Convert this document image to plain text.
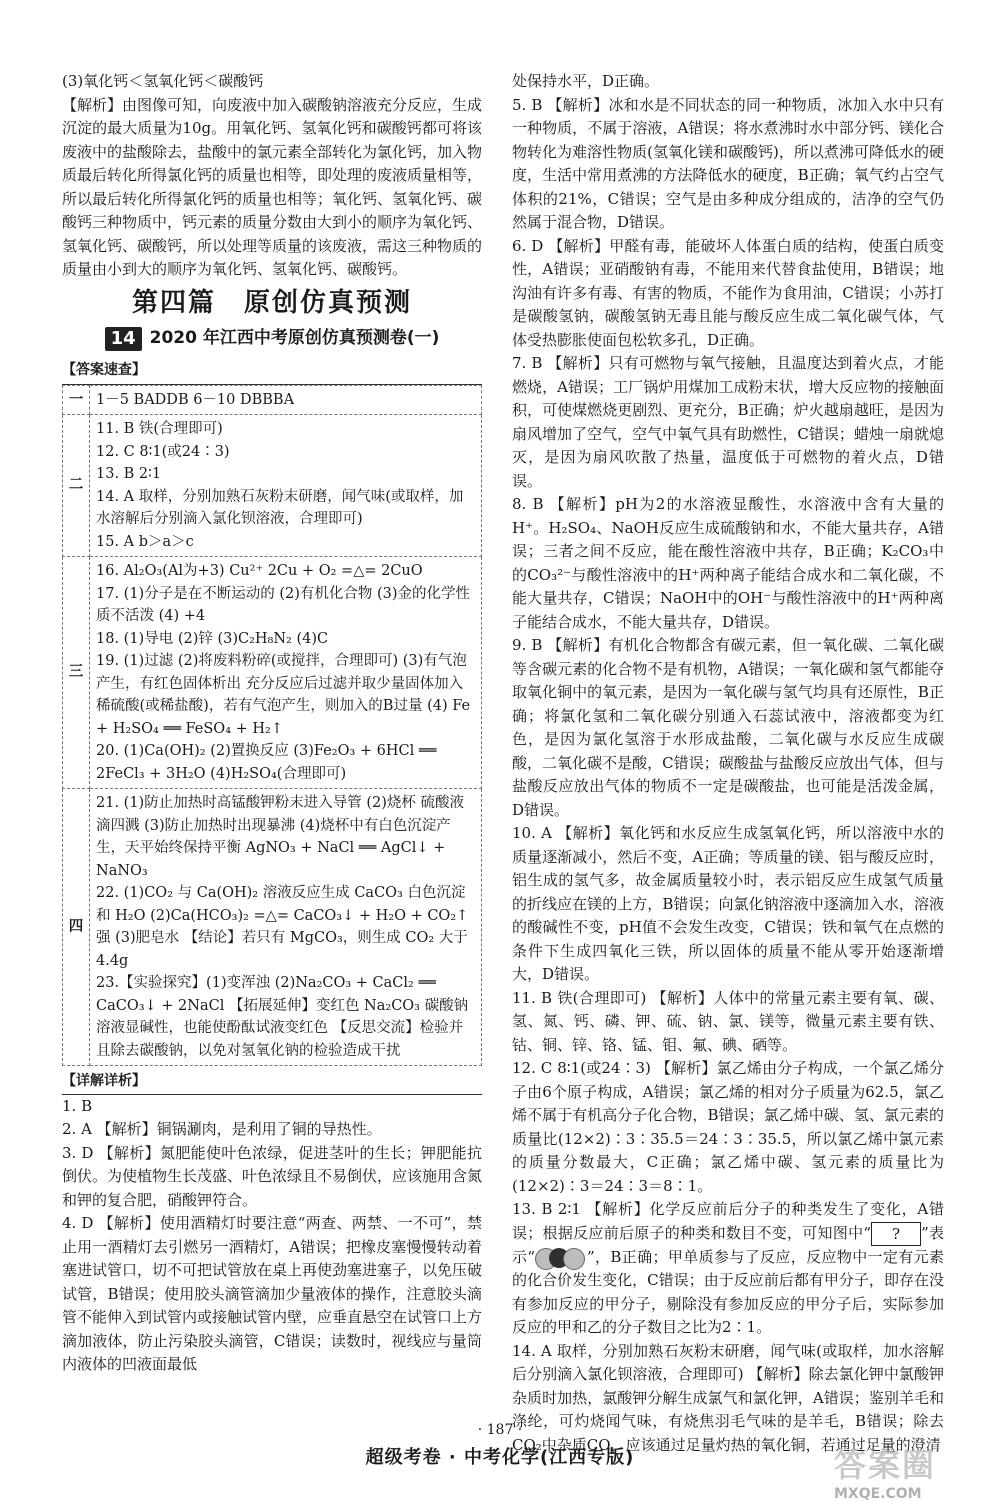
(3)氧化钙＜氢氧化钙＜碳酸钙

【解析】由图像可知，向废液中加入碳酸钠溶液充分反应，生成沉淀的最大质量为10g。用氧化钙、氢氧化钙和碳酸钙都可将该废液中的盐酸除去，盐酸中的氯元素全部转化为氯化钙，加入物质最后转化所得氯化钙的质量也相等，即处理的废液质量相等，所以最后转化所得氯化钙的质量也相等；氧化钙、氢氧化钙、碳酸钙三种物质中，钙元素的质量分数由大到小的顺序为氧化钙、氢氧化钙、碳酸钙，所以处理等质量的该废液，需这三种物质的质量由小到大的顺序为氧化钙、氢氧化钙、碳酸钙。

第四篇 原创仿真预测
14 2020 年江西中考原创仿真预测卷(一)
【答案速查】
一	1－5 BADDB 6－10 DBBBA

二	11. B 铁(合理即可)
12. C 8∶1(或24∶3)
13. B 2∶1
14. A 取样，分别加熟石灰粉末研磨，闻气味(或取样，加水溶解后分别滴入氯化钡溶液，合理即可)
15. A b＞a＞c

三	16. Al₂O₃(Al为+3) Cu²⁺ 2Cu + O₂ =△= 2CuO
17. (1)分子是在不断运动的 (2)有机化合物 (3)金的化学性质不活泼 (4) +4
18. (1)导电 (2)锌 (3)C₂H₈N₂ (4)C
19. (1)过滤 (2)将废料粉碎(或搅拌，合理即可) (3)有气泡产生，有红色固体析出 充分反应后过滤并取少量固体加入稀硫酸(或稀盐酸)，若有气泡产生，则加入的B过量 (4) Fe + H₂SO₄ ══ FeSO₄ + H₂↑
20. (1)Ca(OH)₂ (2)置换反应 (3)Fe₂O₃ + 6HCl ══ 2FeCl₃ + 3H₂O (4)H₂SO₄(合理即可)

四	21. (1)防止加热时高锰酸钾粉末进入导管 (2)烧杯 硫酸液滴四溅 (3)防止加热时出现暴沸 (4)烧杯中有白色沉淀产生，天平始终保持平衡 AgNO₃ + NaCl ══ AgCl↓ + NaNO₃
22. (1)CO₂ 与 Ca(OH)₂ 溶液反应生成 CaCO₃ 白色沉淀和 H₂O (2)Ca(HCO₃)₂ =△= CaCO₃↓ + H₂O + CO₂↑ 强 (3)肥皂水 【结论】若只有 MgCO₃，则生成 CO₂ 大于 4.4g
23.【实验探究】(1)变浑浊 (2)Na₂CO₃ + CaCl₂ ══ CaCO₃↓ + 2NaCl 【拓展延伸】变红色 Na₂CO₃ 碳酸钠溶液显碱性，也能使酚酞试液变红色 【反思交流】检验并且除去碳酸钠，以免对氢氧化钠的检验造成干扰
【详解详析】

1. B

2. A 【解析】铜锅涮肉，是利用了铜的导热性。

3. D 【解析】氮肥能使叶色浓绿，促进茎叶的生长；钾肥能抗倒伏。为使植物生长茂盛、叶色浓绿且不易倒伏，应该施用含氮和钾的复合肥，硝酸钾符合。

4. D 【解析】使用酒精灯时要注意“两查、两禁、一不可”，禁止用一酒精灯去引燃另一酒精灯，A错误；把橡皮塞慢慢转动着塞进试管口，切不可把试管放在桌上再使劲塞进塞子，以免压破试管，B错误；使用胶头滴管滴加少量液体的操作，注意胶头滴管不能伸入到试管内或接触试管内壁，应垂直悬空在试管口上方滴加液体，防止污染胶头滴管，C错误；读数时，视线应与量筒内液体的凹液面最低

处保持水平，D正确。

5. B 【解析】冰和水是不同状态的同一种物质，冰加入水中只有一种物质，不属于溶液，A错误；将水煮沸时水中部分钙、镁化合物转化为难溶性物质(氢氧化镁和碳酸钙)，所以煮沸可降低水的硬度，生活中常用煮沸的方法降低水的硬度，B正确；氧气约占空气体积的21%，C错误；空气是由多种成分组成的，洁净的空气仍然属于混合物，D错误。

6. D 【解析】甲醛有毒，能破坏人体蛋白质的结构，使蛋白质变性，A错误；亚硝酸钠有毒，不能用来代替食盐使用，B错误；地沟油有许多有毒、有害的物质，不能作为食用油，C错误；小苏打是碳酸氢钠，碳酸氢钠无毒且能与酸反应生成二氧化碳气体，气体受热膨胀使面包松软多孔，D正确。

7. B 【解析】只有可燃物与氧气接触，且温度达到着火点，才能燃烧，A错误；工厂锅炉用煤加工成粉末状，增大反应物的接触面积，可使煤燃烧更剧烈、更充分，B正确；炉火越扇越旺，是因为扇风增加了空气，空气中氧气具有助燃性，C错误；蜡烛一扇就熄灭，是因为扇风吹散了热量，温度低于可燃物的着火点，D错误。

8. B 【解析】pH为2的水溶液显酸性，水溶液中含有大量的H⁺。H₂SO₄、NaOH反应生成硫酸钠和水，不能大量共存，A错误；三者之间不反应，能在酸性溶液中共存，B正确；K₂CO₃中的CO₃²⁻与酸性溶液中的H⁺两种离子能结合成水和二氧化碳，不能大量共存，C错误；NaOH中的OH⁻与酸性溶液中的H⁺两种离子能结合成水，不能大量共存，D错误。

9. B 【解析】有机化合物都含有碳元素，但一氧化碳、二氧化碳等含碳元素的化合物不是有机物，A错误；一氧化碳和氢气都能夺取氧化铜中的氧元素，是因为一氧化碳与氢气均具有还原性，B正确；将氯化氢和二氧化碳分别通入石蕊试液中，溶液都变为红色，是因为氯化氢溶于水形成盐酸，二氧化碳与水反应生成碳酸，二氧化碳不是酸，C错误；碳酸盐与盐酸反应放出气体，但与盐酸反应放出气体的物质不一定是碳酸盐，也可能是活泼金属，D错误。

10. A 【解析】氧化钙和水反应生成氢氧化钙，所以溶液中水的质量逐渐减小，然后不变，A正确；等质量的镁、铝与酸反应时，铝生成的氢气多，故金属质量较小时，表示铝反应生成氢气质量的折线应在镁的上方，B错误；向氯化钠溶液中逐滴加入水，溶液的酸碱性不变，pH值不会发生改变，C错误；铁和氧气在点燃的条件下生成四氧化三铁，所以固体的质量不能从零开始逐渐增大，D错误。

11. B 铁(合理即可) 【解析】人体中的常量元素主要有氧、碳、氢、氮、钙、磷、钾、硫、钠、氯、镁等，微量元素主要有铁、钴、铜、锌、铬、锰、钼、氟、碘、硒等。

12. C 8∶1(或24∶3) 【解析】氯乙烯由分子构成，一个氯乙烯分子由6个原子构成，A错误；氯乙烯的相对分子质量为62.5，氯乙烯不属于有机高分子化合物，B错误；氯乙烯中碳、氢、氯元素的质量比(12×2)∶3∶35.5＝24∶3∶35.5，所以氯乙烯中氯元素的质量分数最大，C正确；氯乙烯中碳、氢元素的质量比为(12×2)∶3＝24∶3＝8∶1。

13. B 2∶1 【解析】化学反应前后分子的种类发生了变化，A错误；根据反应前后原子的种类和数目不变，可知图中“ ? ”表示“	”，B正确；甲单质参与了反应，反应物中一定有元素的化合价发生变化，C错误；由于反应前后都有甲分子，即存在没有参加反应的甲分子，剔除没有参加反应的甲分子后，实际参加反应的甲和乙的分子数目之比为2∶1。

14. A 取样，分别加熟石灰粉末研磨，闻气味(或取样，加水溶解后分别滴入氯化钡溶液，合理即可) 【解析】除去氯化钾中氯酸钾杂质时加热，氯酸钾分解生成氯气和氯化钾，A错误；鉴别羊毛和涤纶，可灼烧闻气味，有烧焦羽毛气味的是羊毛，B错误；除去CO₂中杂质CO，应该通过足量灼热的氧化铜，若通过足量的澄清

· 187 ·
超级考卷 · 中考化学(江西专版)	答案圈
MXQE.COM
